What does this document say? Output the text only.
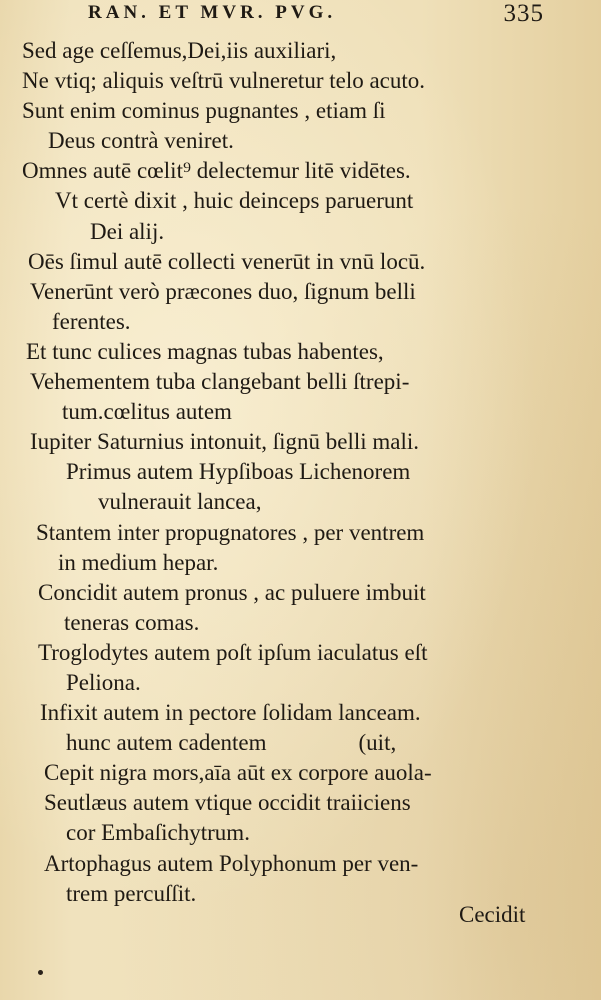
RAN. ET MVR. PVG.	335
Sed age ceſſemus,Dei,iis auxiliari,
Ne vtiq; aliquis veſtrū vulneretur telo acuto.
Sunt enim cominus pugnantes , etiam ſi
Deus contrà veniret.
Omnes autē cœlit⁹ delectemur litē vidētes.
Vt certè dixit , huic deinceps paruerunt
Dei alij.
Oēs ſimul autē collecti venerūt in vnū locū.
Venerūnt verò præcones duo, ſignum belli
ferentes.
Et tunc culices magnas tubas habentes,
Vehementem tuba clangebant belli ſtrepi-
tum.cœlitus autem
Iupiter Saturnius intonuit, ſignū belli mali.
Primus autem Hypſiboas Lichenorem
vulnerauit lancea,
Stantem inter propugnatores , per ventrem
in medium hepar.
Concidit autem pronus , ac puluere imbuit
teneras comas.
Troglodytes autem poſt ipſum iaculatus eſt
Peliona.
Infixit autem in pectore ſolidam lanceam.
hunc autem cadentem                (uit,
Cepit nigra mors,aīa aūt ex corpore auola-
Seutlæus autem vtique occidit traiiciens
cor Embaſichytrum.
Artophagus autem Polyphonum per ven-
trem percuſſit.
Cecidit
